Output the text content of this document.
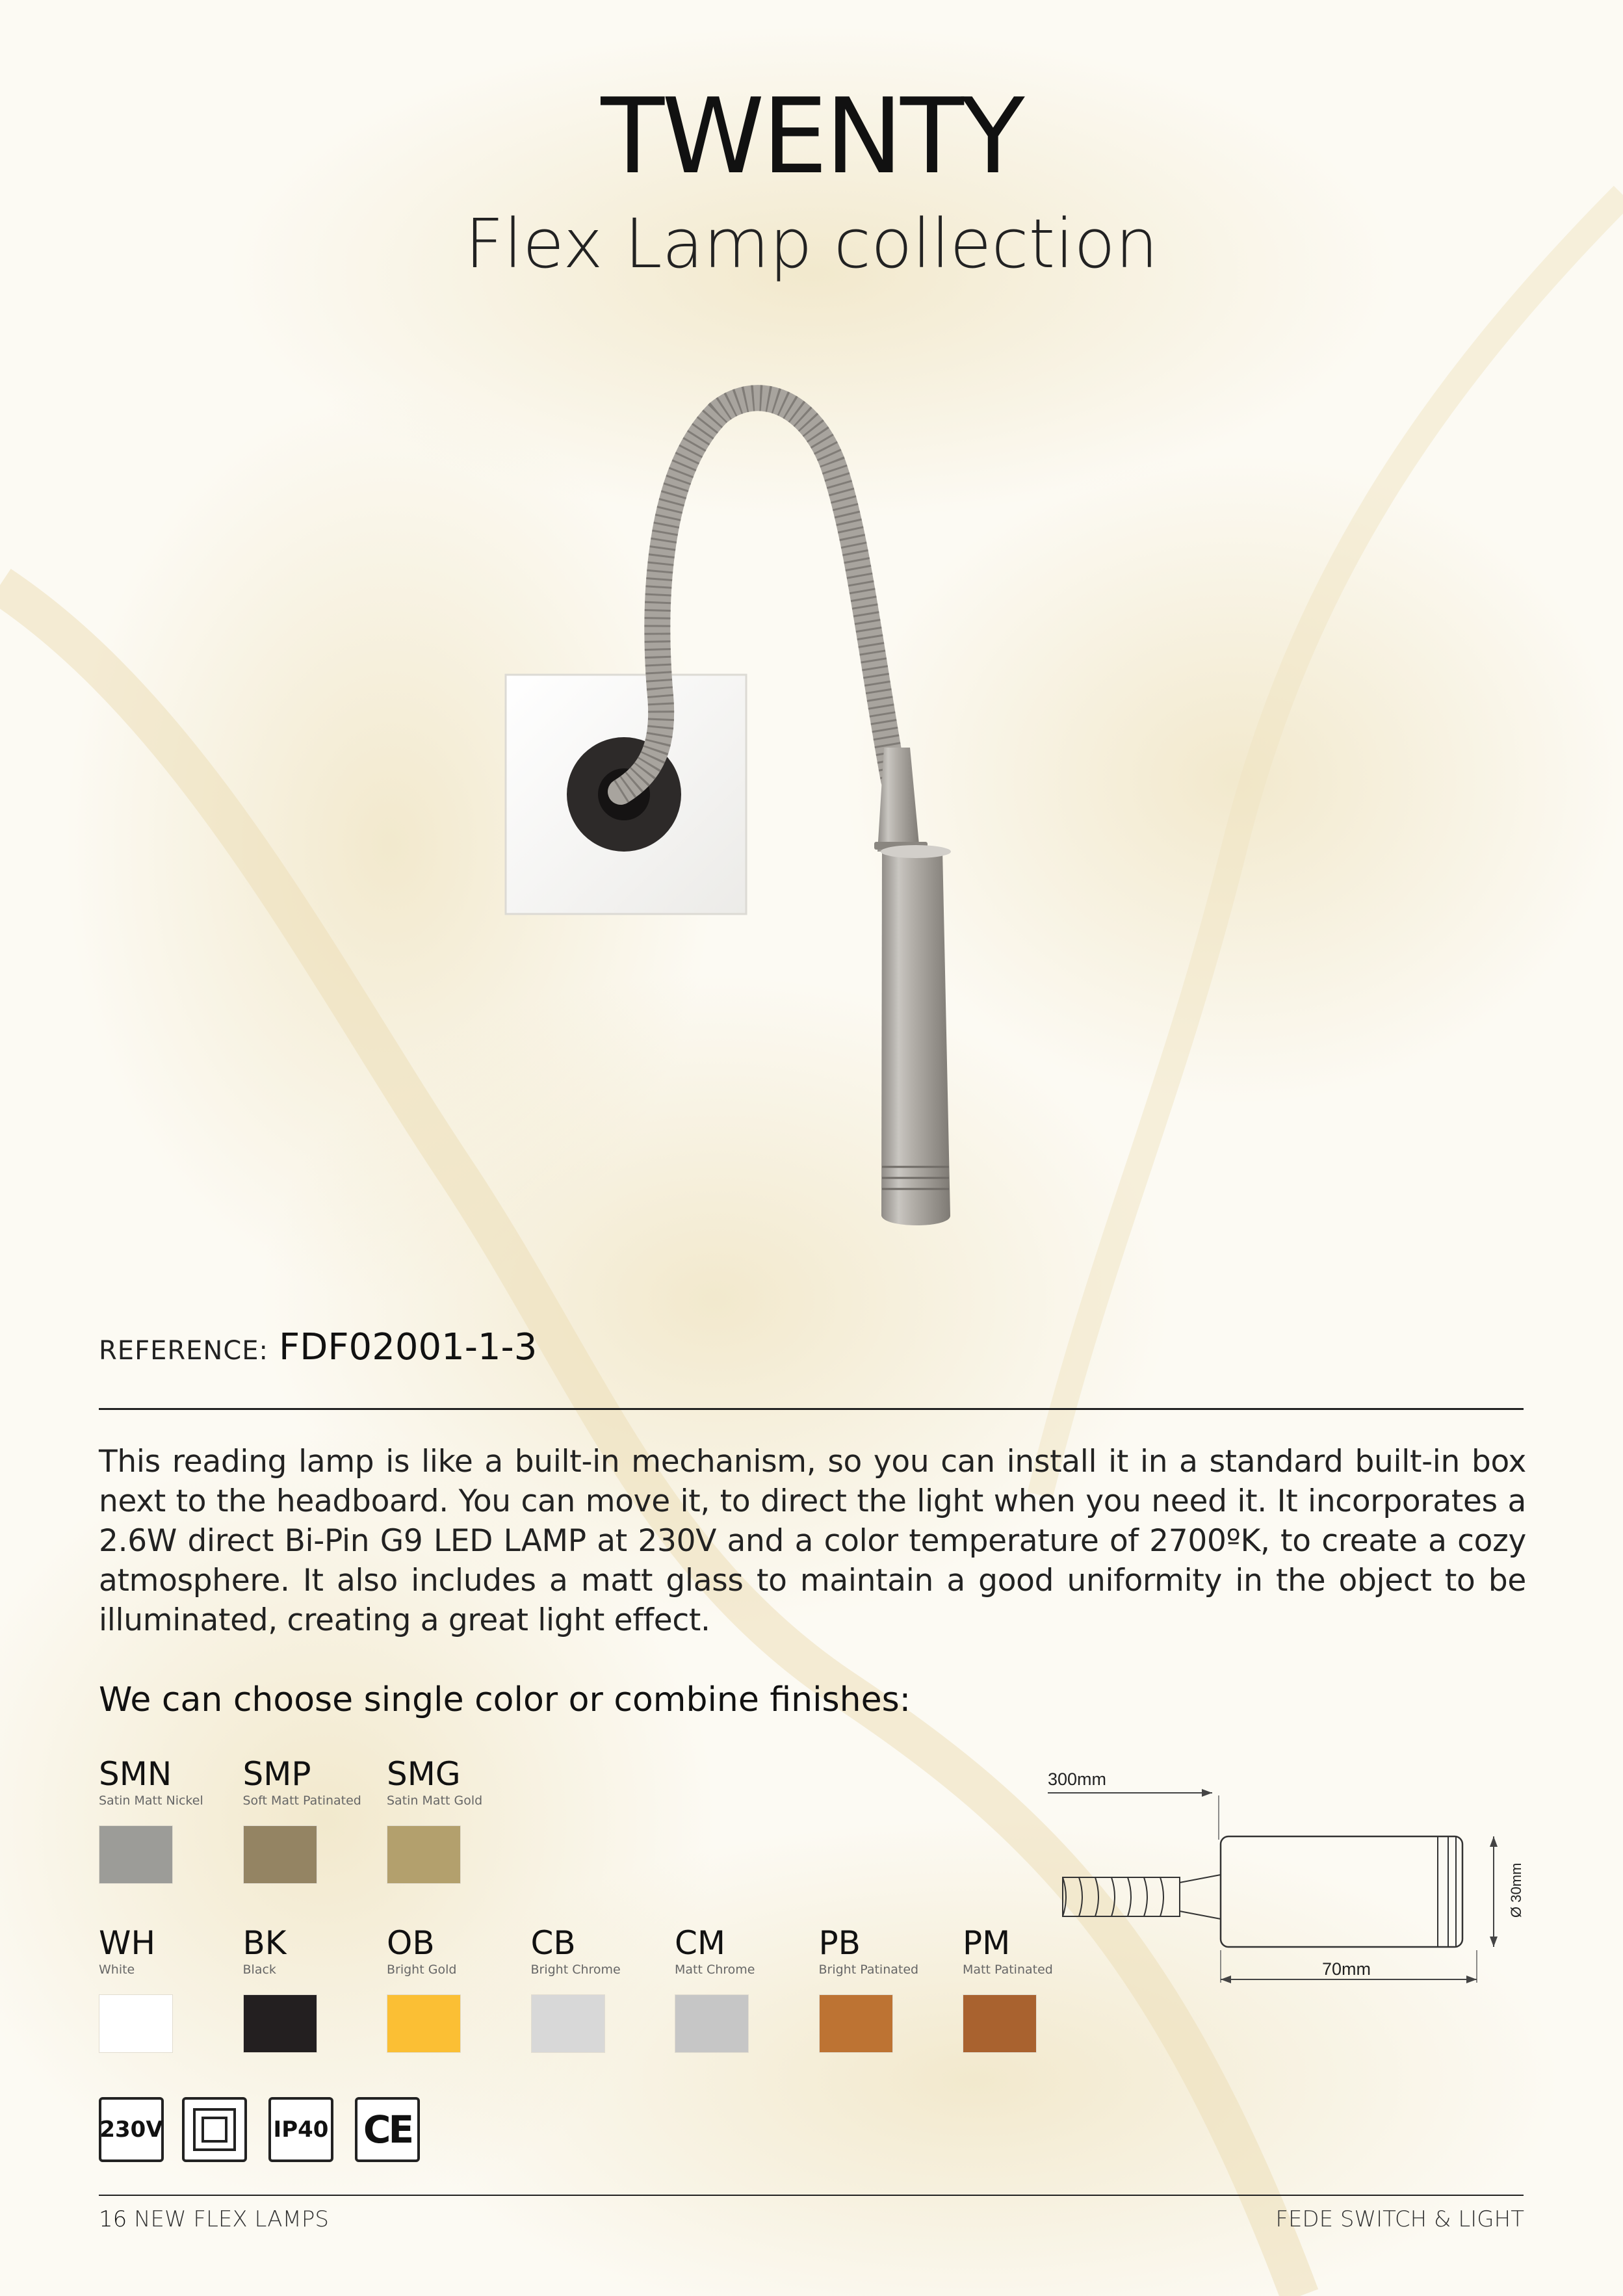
TWENTY
Flex Lamp collection
REFERENCE: FDF02001-1-3
This reading lamp is like a built-in mechanism, so you can install it in a standard built-in box next to the headboard. You can move it, to direct the light when you need it. It incorporates a 2.6W direct Bi-Pin G9 LED LAMP at 230V and a color temperature of 2700ºK, to create a cozy atmosphere. It also includes a matt glass to maintain a good uniformity in the object to be illuminated, creating a great light effect.
We can choose single color or combine finishes:
SMN
Satin Matt Nickel
SMP
Soft Matt Patinated
SMG
Satin Matt Gold
WH
White
BK
Black
OB
Bright Gold
CB
Bright Chrome
CM
Matt Chrome
PB
Bright Patinated
PM
Matt Patinated
300mm
70mm
Ø 30mm
230V	IP40 CE
16 NEW FLEX LAMPS	FEDE SWITCH & LIGHT
